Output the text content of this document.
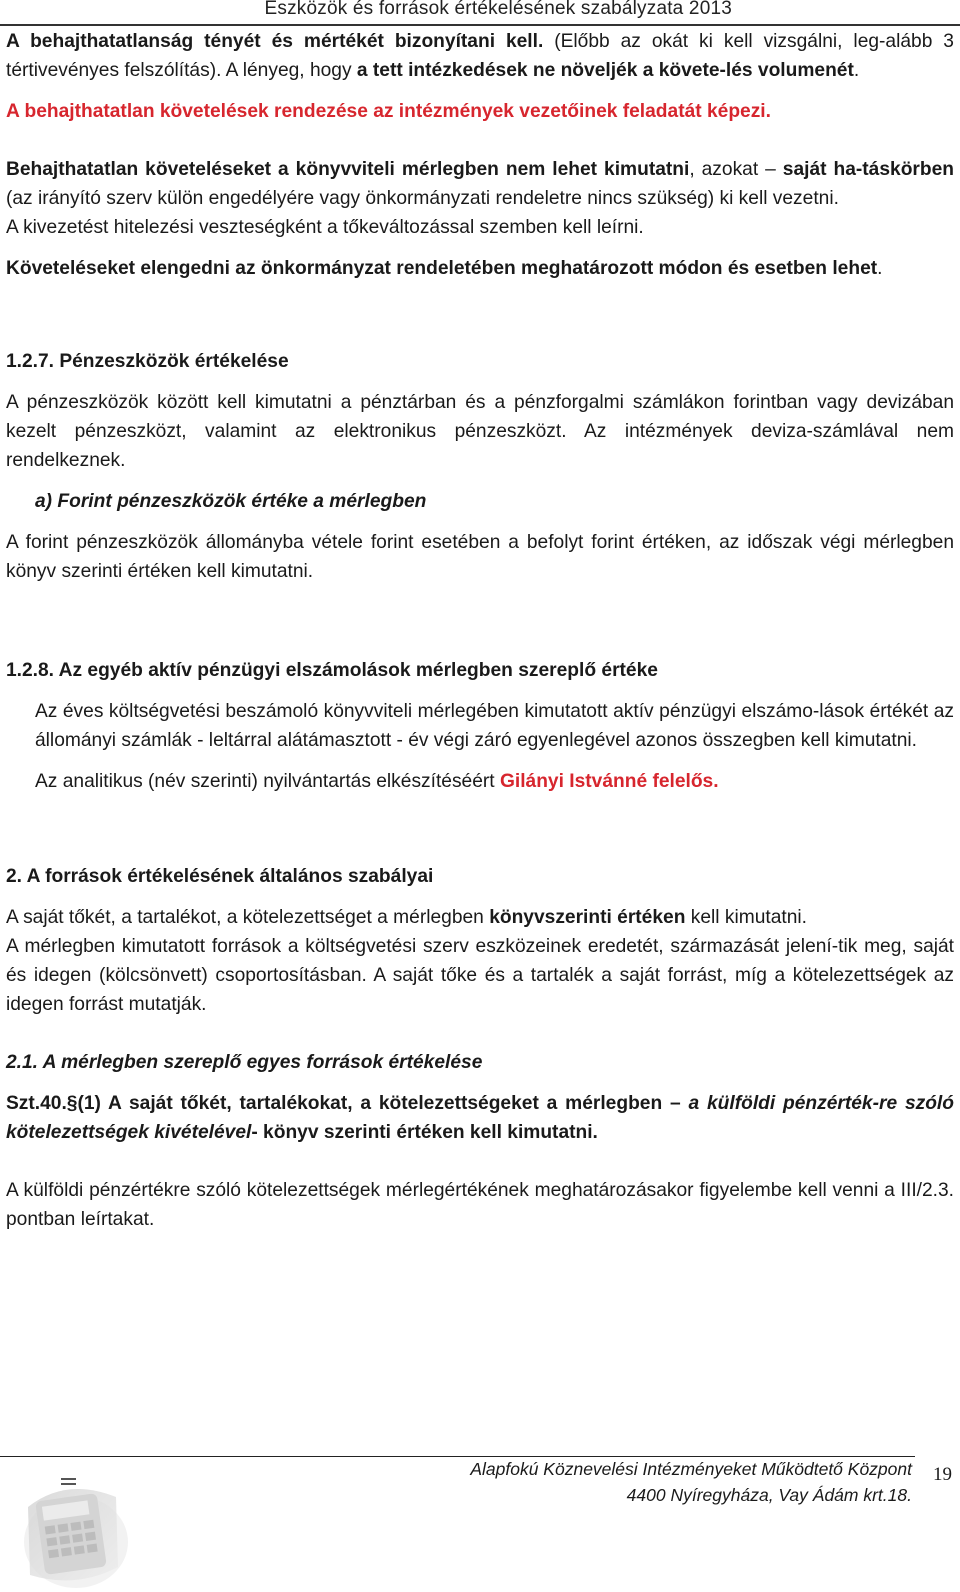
Eszközök és források értékelésének szabályzata 2013

A behajthatatlanság tényét és mértékét bizonyítani kell. (Előbb az okát ki kell vizsgálni, leg-alább 3 tértivevényes felszólítás). A lényeg, hogy a tett intézkedések ne növeljék a követe-lés volumenét.

A behajthatatlan követelések rendezése az intézmények vezetőinek feladatát képezi.

Behajthatatlan követeléseket a könyvviteli mérlegben nem lehet kimutatni, azokat – saját ha-táskörben (az irányító szerv külön engedélyére vagy önkormányzati rendeletre nincs szükség) ki kell vezetni.

A kivezetést hitelezési veszteségként a tőkeváltozással szemben kell leírni.

Követeléseket elengedni az önkormányzat rendeletében meghatározott módon és esetben lehet.

1.2.7. Pénzeszközök értékelése

A pénzeszközök között kell kimutatni a pénztárban és a pénzforgalmi számlákon forintban vagy devizában kezelt pénzeszközt, valamint az elektronikus pénzeszközt. Az intézmények deviza-számlával nem rendelkeznek.

a) Forint pénzeszközök értéke a mérlegben

A forint pénzeszközök állományba vétele forint esetében a befolyt forint értéken, az időszak végi mérlegben könyv szerinti értéken kell kimutatni.

1.2.8. Az egyéb aktív pénzügyi elszámolások mérlegben szereplő értéke

Az éves költségvetési beszámoló könyvviteli mérlegében kimutatott aktív pénzügyi elszámo-lások értékét az állományi számlák - leltárral alátámasztott - év végi záró egyenlegével azonos összegben kell kimutatni.

Az analitikus (név szerinti) nyilvántartás elkészítéséért Gilányi Istvánné felelős.

2. A források értékelésének általános szabályai

A saját tőkét, a tartalékot, a kötelezettséget a mérlegben könyvszerinti értéken kell kimutatni.

A mérlegben kimutatott források a költségvetési szerv eszközeinek eredetét, származását jelení-tik meg, saját és idegen (kölcsönvett) csoportosításban. A saját tőke és a tartalék a saját forrást, míg a kötelezettségek az idegen forrást mutatják.

2.1. A mérlegben szereplő egyes források értékelése

Szt.40.§(1) A saját tőkét, tartalékokat, a kötelezettségeket a mérlegben – a külföldi pénzérték-re szóló kötelezettségek kivételével- könyv szerinti értéken kell kimutatni.

A külföldi pénzértékre szóló kötelezettségek mérlegértékének meghatározásakor figyelembe kell venni a III/2.3. pontban leírtakat.

Alapfokú Köznevelési Intézményeket Működtető Központ
4400 Nyíregyháza, Vay Ádám krt.18.
19
